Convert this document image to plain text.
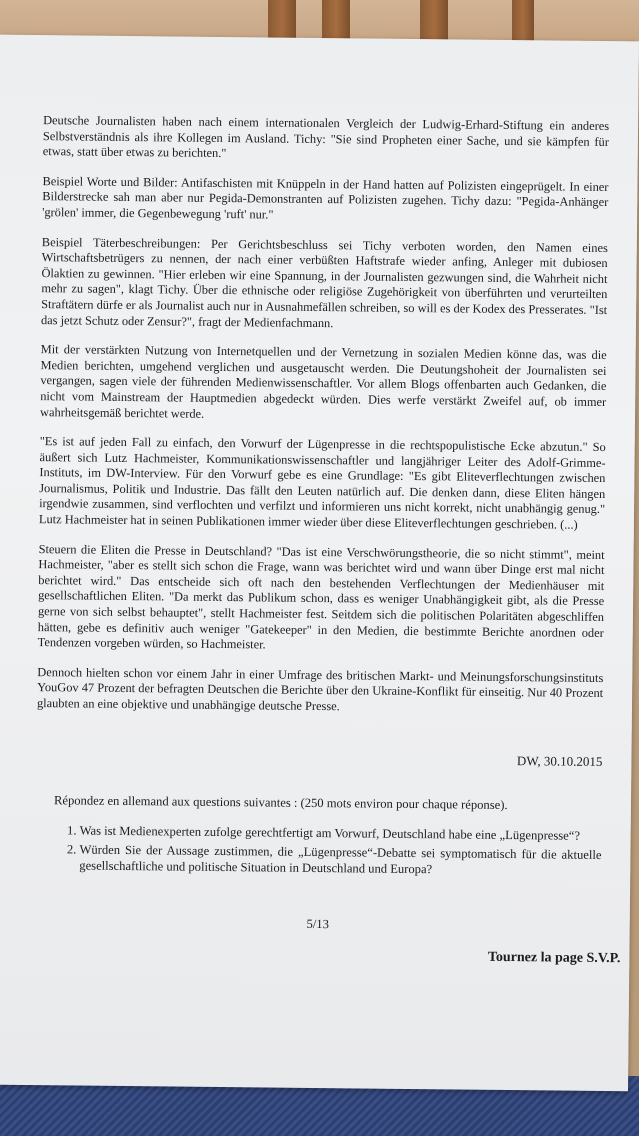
Deutsche Journalisten haben nach einem internationalen Vergleich der Ludwig-Erhard-Stiftung ein anderes Selbstverständnis als ihre Kollegen im Ausland. Tichy: "Sie sind Propheten einer Sache, und sie kämpfen für etwas, statt über etwas zu berichten."

Beispiel Worte und Bilder: Antifaschisten mit Knüppeln in der Hand hatten auf Polizisten eingeprügelt. In einer Bilderstrecke sah man aber nur Pegida-Demonstranten auf Polizisten zugehen. Tichy dazu: "Pegida-Anhänger 'grölen' immer, die Gegenbewegung 'ruft' nur."

Beispiel Täterbeschreibungen: Per Gerichtsbeschluss sei Tichy verboten worden, den Namen eines Wirtschaftsbetrügers zu nennen, der nach einer verbüßten Haftstrafe wieder anfing, Anleger mit dubiosen Ölaktien zu gewinnen. "Hier erleben wir eine Spannung, in der Journalisten gezwungen sind, die Wahrheit nicht mehr zu sagen", klagt Tichy. Über die ethnische oder religiöse Zugehörigkeit von überführten und verurteilten Straftätern dürfe er als Journalist auch nur in Ausnahmefällen schreiben, so will es der Kodex des Presserates. "Ist das jetzt Schutz oder Zensur?", fragt der Medienfachmann.

Mit der verstärkten Nutzung von Internetquellen und der Vernetzung in sozialen Medien könne das, was die Medien berichten, umgehend verglichen und ausgetauscht werden. Die Deutungshoheit der Journalisten sei vergangen, sagen viele der führenden Medienwissenschaftler. Vor allem Blogs offenbarten auch Gedanken, die nicht vom Mainstream der Hauptmedien abgedeckt würden. Dies werfe verstärkt Zweifel auf, ob immer wahrheitsgemäß berichtet werde.

"Es ist auf jeden Fall zu einfach, den Vorwurf der Lügenpresse in die rechtspopulistische Ecke abzutun." So äußert sich Lutz Hachmeister, Kommunikationswissenschaftler und langjähriger Leiter des Adolf-Grimme-Instituts, im DW-Interview. Für den Vorwurf gebe es eine Grundlage: "Es gibt Eliteverflechtungen zwischen Journalismus, Politik und Industrie. Das fällt den Leuten natürlich auf. Die denken dann, diese Eliten hängen irgendwie zusammen, sind verflochten und verfilzt und informieren uns nicht korrekt, nicht unabhängig genug." Lutz Hachmeister hat in seinen Publikationen immer wieder über diese Eliteverflechtungen geschrieben. (...)

Steuern die Eliten die Presse in Deutschland? "Das ist eine Verschwörungstheorie, die so nicht stimmt", meint Hachmeister, "aber es stellt sich schon die Frage, wann was berichtet wird und wann über Dinge erst mal nicht berichtet wird." Das entscheide sich oft nach den bestehenden Verflechtungen der Medienhäuser mit gesellschaftlichen Eliten. "Da merkt das Publikum schon, dass es weniger Unabhängigkeit gibt, als die Presse gerne von sich selbst behauptet", stellt Hachmeister fest. Seitdem sich die politischen Polaritäten abgeschliffen hätten, gebe es definitiv auch weniger "Gatekeeper" in den Medien, die bestimmte Berichte anordnen oder Tendenzen vorgeben würden, so Hachmeister.

Dennoch hielten schon vor einem Jahr in einer Umfrage des britischen Markt- und Meinungsforschungsinstituts YouGov 47 Prozent der befragten Deutschen die Berichte über den Ukraine-Konflikt für einseitig. Nur 40 Prozent glaubten an eine objektive und unabhängige deutsche Presse.

DW, 30.10.2015
Répondez en allemand aux questions suivantes : (250 mots environ pour chaque réponse).
1. Was ist Medienexperten zufolge gerechtfertigt am Vorwurf, Deutschland habe eine „Lügenpresse“?
2. Würden Sie der Aussage zustimmen, die „Lügenpresse“-Debatte sei symptomatisch für die aktuelle gesellschaftliche und politische Situation in Deutschland und Europa?
5/13
Tournez la page S.V.P.
